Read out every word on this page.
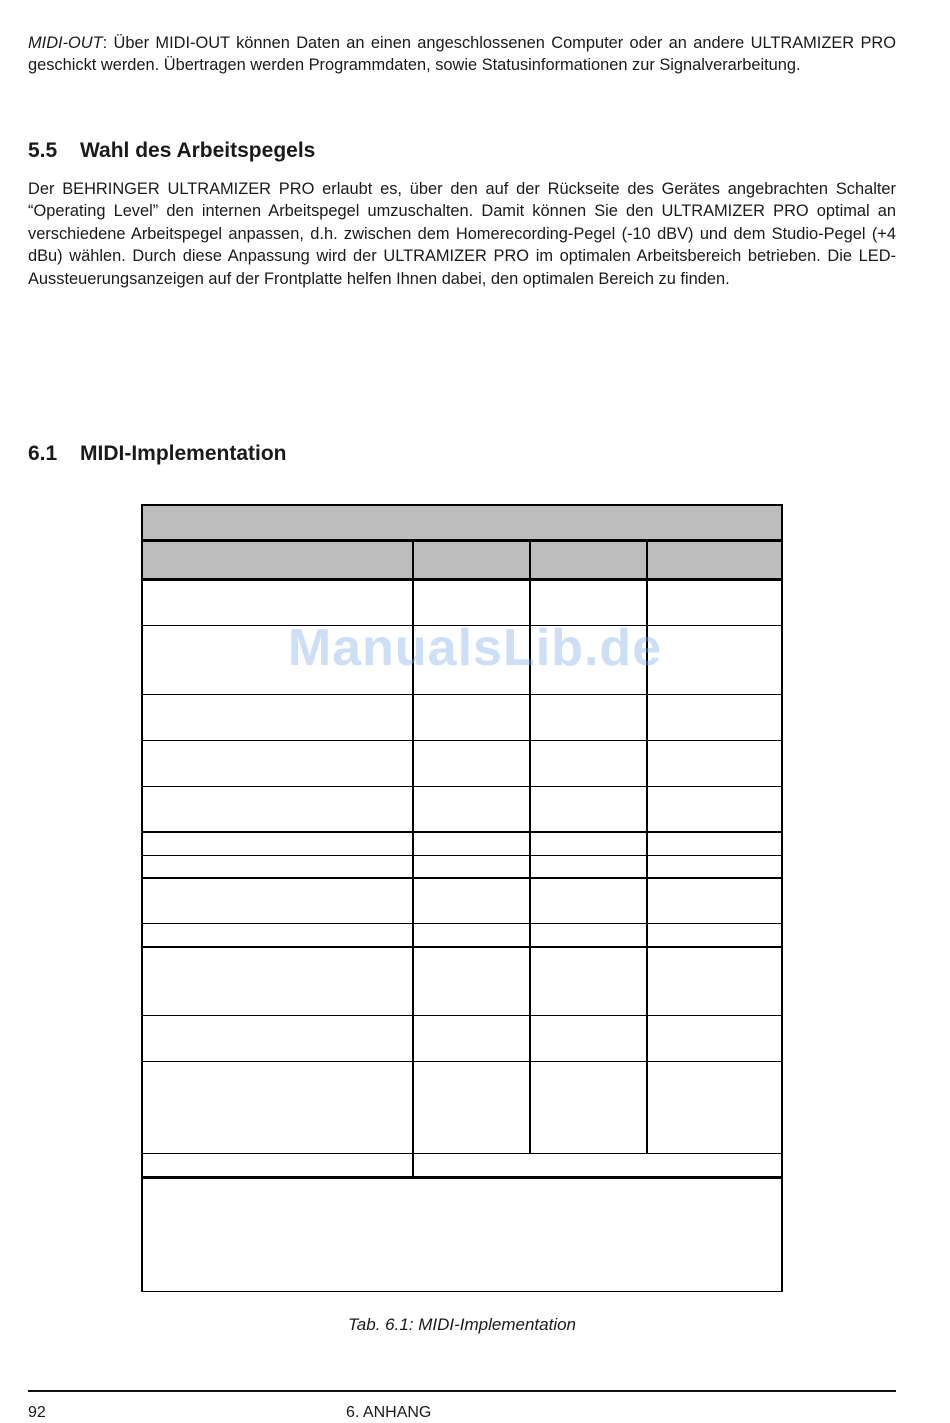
MIDI-OUT: Über MIDI-OUT können Daten an einen angeschlossenen Computer oder an andere ULTRAMIZER PRO geschickt werden. Übertragen werden Programmdaten, sowie Statusinformationen zur Signalverarbeitung.

5.5 Wahl des Arbeitspegels

Der BEHRINGER ULTRAMIZER PRO erlaubt es, über den auf der Rückseite des Gerätes angebrachten Schalter “Operating Level” den internen Arbeitspegel umzuschalten. Damit können Sie den ULTRAMIZER PRO optimal an verschiedene Arbeitspegel anpassen, d.h. zwischen dem Homerecording-Pegel (-10 dBV) und dem Studio-Pegel (+4 dBu) wählen. Durch diese Anpassung wird der ULTRAMIZER PRO im optimalen Arbeitsbereich betrieben. Die LED-Aussteuerungsanzeigen auf der Frontplatte helfen Ihnen dabei, den optimalen Bereich zu finden.

6.1 MIDI-Implementation
ManualsLib.de

Tab. 6.1: MIDI-Implementation

92	6. ANHANG
